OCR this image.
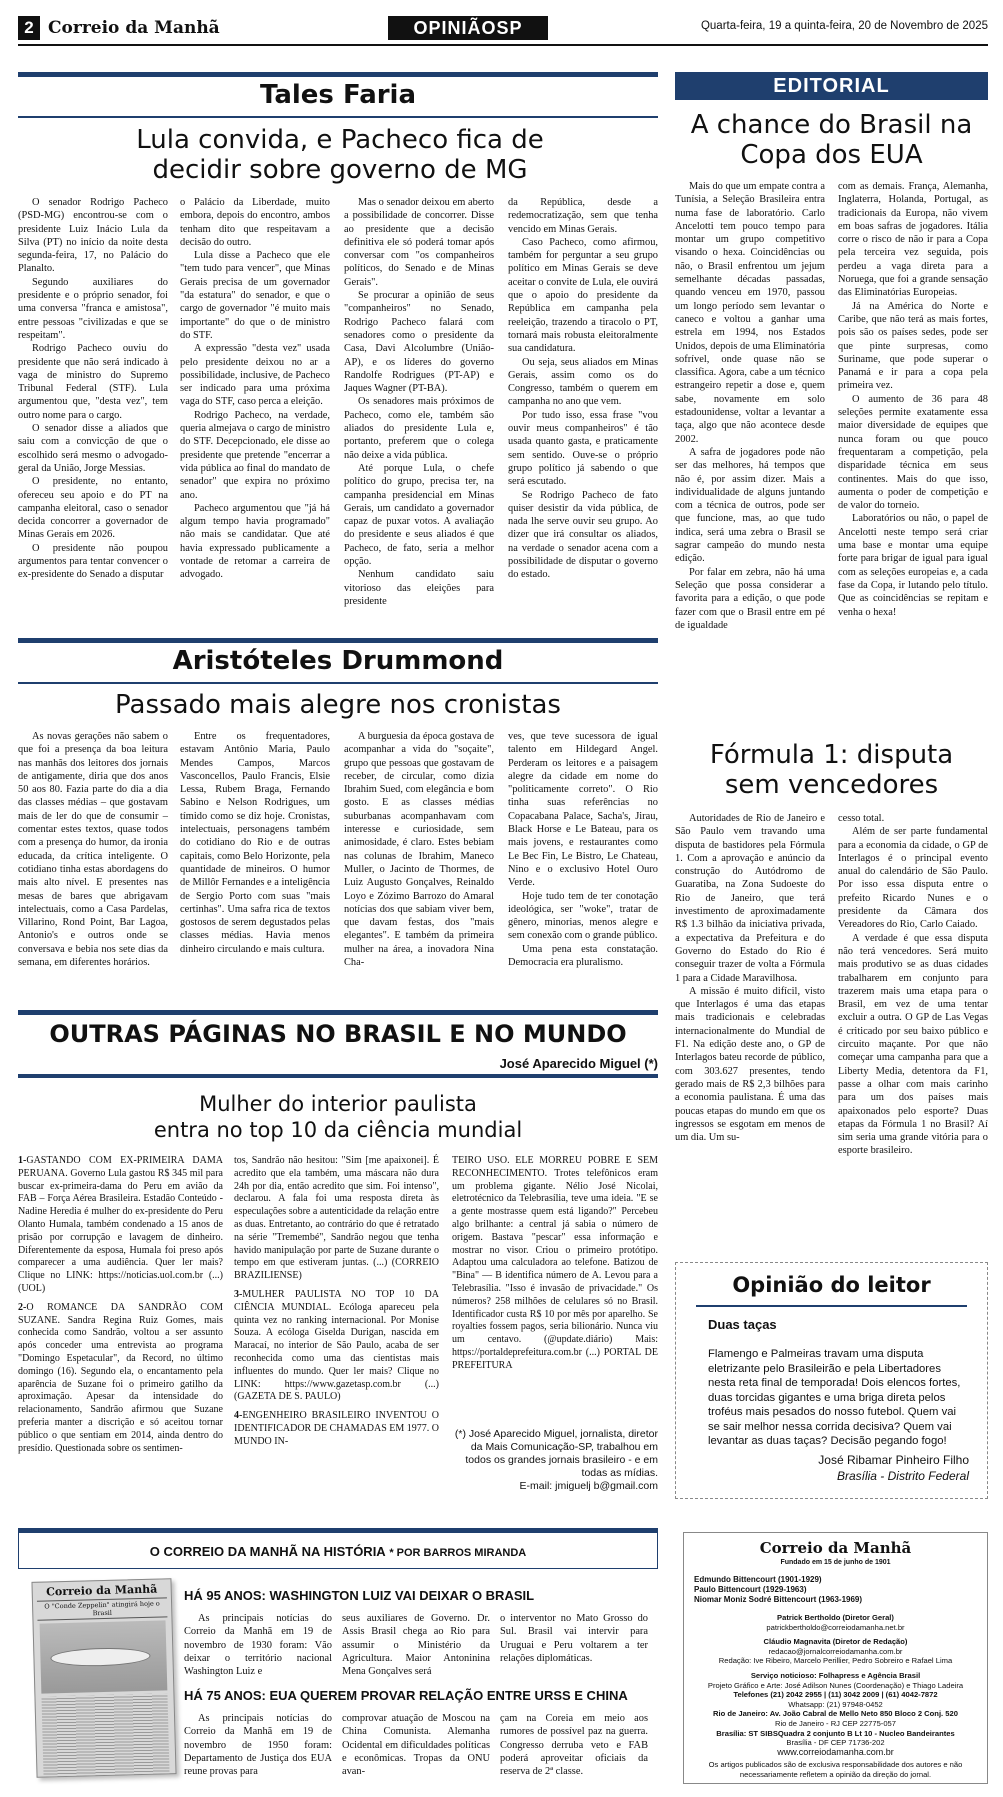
2 Correio da Manhã	OPINIÃOSP	Quarta-feira, 19 a quinta-feira, 20 de Novembro de 2025
Tales Faria
Lula convida, e Pacheco fica de decidir sobre governo de MG

O senador Rodrigo Pacheco (PSD-MG) encontrou-se com o presidente Luiz Inácio Lula da Silva (PT) no início da noite desta segunda-feira, 17, no Palácio do Planalto.

Segundo auxiliares do presidente e o próprio senador, foi uma conversa "franca e amistosa", entre pessoas "civilizadas e que se respeitam".

Rodrigo Pacheco ouviu do presidente que não será indicado à vaga de ministro do Supremo Tribunal Federal (STF). Lula argumentou que, "desta vez", tem outro nome para o cargo.

O senador disse a aliados que saiu com a convicção de que o escolhido será mesmo o advogado-geral da União, Jorge Messias.

O presidente, no entanto, ofereceu seu apoio e do PT na campanha eleitoral, caso o senador decida concorrer a governador de Minas Gerais em 2026.

O presidente não poupou argumentos para tentar convencer o ex-presidente do Senado a disputar

o Palácio da Liberdade, muito embora, depois do encontro, ambos tenham dito que respeitavam a decisão do outro.

Lula disse a Pacheco que ele "tem tudo para vencer", que Minas Gerais precisa de um governador "da estatura" do senador, e que o cargo de governador "é muito mais importante" do que o de ministro do STF.

A expressão "desta vez" usada pelo presidente deixou no ar a possibilidade, inclusive, de Pacheco ser indicado para uma próxima vaga do STF, caso perca a eleição.

Rodrigo Pacheco, na verdade, queria almejava o cargo de ministro do STF. Decepcionado, ele disse ao presidente que pretende "encerrar a vida pública ao final do mandato de senador" que expira no próximo ano.

Pacheco argumentou que "já há algum tempo havia programado" não mais se candidatar. Que até havia expressado publicamente a vontade de retomar a carreira de advogado.

Mas o senador deixou em aberto a possibilidade de concorrer. Disse ao presidente que a decisão definitiva ele só poderá tomar após conversar com "os companheiros políticos, do Senado e de Minas Gerais".

Se procurar a opinião de seus "companheiros" no Senado, Rodrigo Pacheco falará com senadores como o presidente da Casa, Davi Alcolumbre (União-AP), e os líderes do governo Randolfe Rodrigues (PT-AP) e Jaques Wagner (PT-BA).

Os senadores mais próximos de Pacheco, como ele, também são aliados do presidente Lula e, portanto, preferem que o colega não deixe a vida pública.

Até porque Lula, o chefe político do grupo, precisa ter, na campanha presidencial em Minas Gerais, um candidato a governador capaz de puxar votos. A avaliação do presidente e seus aliados é que Pacheco, de fato, seria a melhor opção.

Nenhum candidato saiu vitorioso das eleições para presidente

da República, desde a redemocratização, sem que tenha vencido em Minas Gerais.

Caso Pacheco, como afirmou, também for perguntar a seu grupo político em Minas Gerais se deve aceitar o convite de Lula, ele ouvirá que o apoio do presidente da República em campanha pela reeleição, trazendo a tiracolo o PT, tornará mais robusta eleitoralmente sua candidatura.

Ou seja, seus aliados em Minas Gerais, assim como os do Congresso, também o querem em campanha no ano que vem.

Por tudo isso, essa frase "vou ouvir meus companheiros" é tão usada quanto gasta, e praticamente sem sentido. Ouve-se o próprio grupo político já sabendo o que será escutado.

Se Rodrigo Pacheco de fato quiser desistir da vida pública, de nada lhe serve ouvir seu grupo. Ao dizer que irá consultar os aliados, na verdade o senador acena com a possibilidade de disputar o governo do estado.

Aristóteles Drummond
Passado mais alegre nos cronistas

As novas gerações não sabem o que foi a presença da boa leitura nas manhãs dos leitores dos jornais de antigamente, diria que dos anos 50 aos 80. Fazia parte do dia a dia das classes médias – que gostavam mais de ler do que de consumir – comentar estes textos, quase todos com a presença do humor, da ironia educada, da crítica inteligente. O cotidiano tinha estas abordagens do mais alto nível. E presentes nas mesas de bares que abrigavam intelectuais, como a Casa Pardelas, Villarino, Rond Point, Bar Lagoa, Antonio's e outros onde se conversava e bebia nos sete dias da semana, em diferentes horários.

Entre os frequentadores, estavam Antônio Maria, Paulo Mendes Campos, Marcos Vasconcellos, Paulo Francis, Elsie Lessa, Rubem Braga, Fernando Sabino e Nelson Rodrigues, um tímido como se diz hoje. Cronistas, intelectuais, personagens também do cotidiano do Rio e de outras capitais, como Belo Horizonte, pela quantidade de mineiros. O humor de Millôr Fernandes e a inteligência de Sergio Porto com suas "mais certinhas". Uma safra rica de textos gostosos de serem degustados pelas classes médias. Havia menos dinheiro circulando e mais cultura.

A burguesia da época gostava de acompanhar a vida do "soçaite", grupo que pessoas que gostavam de receber, de circular, como dizia Ibrahim Sued, com elegância e bom gosto. E as classes médias suburbanas acompanhavam com interesse e curiosidade, sem animosidade, é claro. Estes bebiam nas colunas de Ibrahim, Maneco Muller, o Jacinto de Thormes, de Luiz Augusto Gonçalves, Reinaldo Loyo e Zózimo Barrozo do Amaral notícias dos que sabiam viver bem, que davam festas, dos "mais elegantes". E também da primeira mulher na área, a inovadora Nina Cha-

ves, que teve sucessora de igual talento em Hildegard Angel. Perderam os leitores e a paisagem alegre da cidade em nome do "politicamente correto". O Rio tinha suas referências no Copacabana Palace, Sacha's, Jirau, Black Horse e Le Bateau, para os mais jovens, e restaurantes como Le Bec Fin, Le Bistro, Le Chateau, Nino e o exclusivo Hotel Ouro Verde.

Hoje tudo tem de ter conotação ideológica, ser "woke", tratar de gênero, minorias, menos alegre e sem conexão com o grande público.

Uma pena esta constatação. Democracia era pluralismo.

OUTRAS PÁGINAS NO BRASIL E NO MUNDO
José Aparecido Miguel (*)
Mulher do interior paulista
entra no top 10 da ciência mundial

1-GASTANDO COM EX-PRIMEIRA DAMA PERUANA. Governo Lula gastou R$ 345 mil para buscar ex-primeira-dama do Peru em avião da FAB – Força Aérea Brasileira. Estadão Conteúdo - Nadine Heredia é mulher do ex-presidente do Peru Olanto Humala, também condenado a 15 anos de prisão por corrupção e lavagem de dinheiro. Diferentemente da esposa, Humala foi preso após comparecer a uma audiência. Quer ler mais? Clique no LINK: https://noticias.uol.com.br (...) (UOL)

2-O ROMANCE DA SANDRÃO COM SUZANE. Sandra Regina Ruiz Gomes, mais conhecida como Sandrão, voltou a ser assunto após conceder uma entrevista ao programa "Domingo Espetacular", da Record, no último domingo (16). Segundo ela, o encantamento pela aparência de Suzane foi o primeiro gatilho da aproximação. Apesar da intensidade do relacionamento, Sandrão afirmou que Suzane preferia manter a discrição e só aceitou tornar público o que sentiam em 2014, ainda dentro do presídio. Questionada sobre os sentimen-

tos, Sandrão não hesitou: "Sim [me apaixonei]. É acredito que ela também, uma máscara não dura 24h por dia, então acredito que sim. Foi intenso", declarou. A fala foi uma resposta direta às especulações sobre a autenticidade da relação entre as duas. Entretanto, ao contrário do que é retratado na série "Tremembé", Sandrão negou que tenha havido manipulação por parte de Suzane durante o tempo em que estiveram juntas. (...) (CORREIO BRAZILIENSE)

3-MULHER PAULISTA NO TOP 10 DA CIÊNCIA MUNDIAL. Ecóloga apareceu pela quinta vez no ranking internacional. Por Monise Souza. A ecóloga Giselda Durigan, nascida em Maracaí, no interior de São Paulo, acaba de ser reconhecida como uma das cientistas mais influentes do mundo. Quer ler mais? Clique no LINK: https://www.gazetasp.com.br (...) (GAZETA DE S. PAULO)

4-ENGENHEIRO BRASILEIRO INVENTOU O IDENTIFICADOR DE CHAMADAS EM 1977. O MUNDO IN-

TEIRO USO. ELE MORREU POBRE E SEM RECONHECIMENTO. Trotes telefônicos eram um problema gigante. Nélio José Nicolai, eletrotécnico da Telebrasília, teve uma ideia. "E se a gente mostrasse quem está ligando?" Percebeu algo brilhante: a central já sabia o número de origem. Bastava "pescar" essa informação e mostrar no visor. Criou o primeiro protótipo. Adaptou uma calculadora ao telefone. Batizou de "Bina" — B identifica número de A. Levou para a Telebrasília. "Isso é invasão de privacidade." Os números? 258 milhões de celulares só no Brasil. Identificador custa R$ 10 por mês por aparelho. Se royalties fossem pagos, seria bilionário. Nunca viu um centavo. (@update.diário) Mais: https://portaldeprefeitura.com.br (...) PORTAL DE PREFEITURA

(*) José Aparecido Miguel, jornalista, diretor da Mais Comunicação-SP, trabalhou em todos os grandes jornais brasileiro - e em todas as mídias.
E-mail: jmiguelj b@gmail.com
O CORREIO DA MANHÃ NA HISTÓRIA * POR BARROS MIRANDA
Correio da Manhã
O "Conde Zeppelin" atingirá hoje o Brasil
HÁ 95 ANOS: WASHINGTON LUIZ VAI DEIXAR O BRASIL
As principais notícias do Correio da Manhã em 19 de novembro de 1930 foram: Vão deixar o território nacional Washington Luiz e
seus auxiliares de Governo. Dr. Assis Brasil chega ao Rio para assumir o Ministério da Agricultura. Maior Antoninina Mena Gonçalves será
o interventor no Mato Grosso do Sul. Brasil vai intervir para Uruguai e Peru voltarem a ter relações diplomáticas.
HÁ 75 ANOS: EUA QUEREM PROVAR RELAÇÃO ENTRE URSS E CHINA
As principais notícias do Correio da Manhã em 19 de novembro de 1950 foram: Departamento de Justiça dos EUA reune provas para
comprovar atuação de Moscou na China Comunista. Alemanha Ocidental em dificuldades políticas e econômicas. Tropas da ONU avan-
çam na Coreia em meio aos rumores de possível paz na guerra. Congresso derruba veto e FAB poderá aproveitar oficiais da reserva de 2ª classe.
EDITORIAL
A chance do Brasil na Copa dos EUA

Mais do que um empate contra a Tunísia, a Seleção Brasileira entra numa fase de laboratório. Carlo Ancelotti tem pouco tempo para montar um grupo competitivo visando o hexa. Coincidências ou não, o Brasil enfrentou um jejum semelhante décadas passadas, quando venceu em 1970, passou um longo período sem levantar o caneco e voltou a ganhar uma estrela em 1994, nos Estados Unidos, depois de uma Eliminatória sofrível, onde quase não se classifica. Agora, cabe a um técnico estrangeiro repetir a dose e, quem sabe, novamente em solo estadounidense, voltar a levantar a taça, algo que não acontece desde 2002.

A safra de jogadores pode não ser das melhores, há tempos que não é, por assim dizer. Mais a individualidade de alguns juntando com a técnica de outros, pode ser que funcione, mas, ao que tudo indica, será uma zebra o Brasil se sagrar campeão do mundo nesta edição.

Por falar em zebra, não há uma Seleção que possa considerar a favorita para a edição, o que pode fazer com que o Brasil entre em pé de igualdade

com as demais. França, Alemanha, Inglaterra, Holanda, Portugal, as tradicionais da Europa, não vivem em boas safras de jogadores. Itália corre o risco de não ir para a Copa pela terceira vez seguida, pois perdeu a vaga direta para a Noruega, que foi a grande sensação das Eliminatórias Europeias.

Já na América do Norte e Caribe, que não terá as mais fortes, pois são os países sedes, pode ser que pinte surpresas, como Suriname, que pode superar o Panamá e ir para a copa pela primeira vez.

O aumento de 36 para 48 seleções permite exatamente essa maior diversidade de equipes que nunca foram ou que pouco frequentaram a competição, pela disparidade técnica em seus continentes. Mais do que isso, aumenta o poder de competição e de valor do torneio.

Laboratórios ou não, o papel de Ancelotti neste tempo será criar uma base e montar uma equipe forte para brigar de igual para igual com as seleções europeias e, a cada fase da Copa, ir lutando pelo título. Que as coincidências se repitam e venha o hexa!

Fórmula 1: disputa sem vencedores

Autoridades de Rio de Janeiro e São Paulo vem travando uma disputa de bastidores pela Fórmula 1. Com a aprovação e anúncio da construção do Autódromo de Guaratiba, na Zona Sudoeste do Rio de Janeiro, que terá investimento de aproximadamente R$ 1.3 bilhão da iniciativa privada, a expectativa da Prefeitura e do Governo do Estado do Rio é conseguir trazer de volta a Fórmula 1 para a Cidade Maravilhosa.

A missão é muito difícil, visto que Interlagos é uma das etapas mais tradicionais e celebradas internacionalmente do Mundial de F1. Na edição deste ano, o GP de Interlagos bateu recorde de público, com 303.627 presentes, tendo gerado mais de R$ 2,3 bilhões para a economia paulistana. É uma das poucas etapas do mundo em que os ingressos se esgotam em menos de um dia. Um su-

cesso total.

Além de ser parte fundamental para a economia da cidade, o GP de Interlagos é o principal evento anual do calendário de São Paulo. Por isso essa disputa entre o prefeito Ricardo Nunes e o presidente da Câmara dos Vereadores do Rio, Carlo Caiado.

A verdade é que essa disputa não terá vencedores. Será muito mais produtivo se as duas cidades trabalharem em conjunto para trazerem mais uma etapa para o Brasil, em vez de uma tentar excluir a outra. O GP de Las Vegas é criticado por seu baixo público e circuito maçante. Por que não começar uma campanha para que a Liberty Media, detentora da F1, passe a olhar com mais carinho para um dos países mais apaixonados pelo esporte? Duas etapas da Fórmula 1 no Brasil? Aí sim seria uma grande vitória para o esporte brasileiro.

Opinião do leitor
Duas taças
Flamengo e Palmeiras travam uma disputa eletrizante pelo Brasileirão e pela Libertadores nesta reta final de temporada! Dois elencos fortes, duas torcidas gigantes e uma briga direta pelos troféus mais pesados do nosso futebol. Quem vai se sair melhor nessa corrida decisiva? Quem vai levantar as duas taças? Decisão pegando fogo!
José Ribamar Pinheiro Filho
Brasília - Distrito Federal
Correio da Manhã
Fundado em 15 de junho de 1901
Edmundo Bittencourt (1901-1929)
Paulo Bittencourt (1929-1963)
Niomar Moniz Sodré Bittencourt (1963-1969)
Patrick Bertholdo (Diretor Geral)
patrickbertholdo@correiodamanha.net.br
Cláudio Magnavita (Diretor de Redação)
redacao@jornalcorreiodamanha.com.br
Redação: Ive Ribeiro, Marcelo Perillier, Pedro Sobreiro e Rafael Lima
Serviço noticioso: Folhapress e Agência Brasil
Projeto Gráfico e Arte: José Adilson Nunes (Coordenação) e Thiago Ladeira
Telefones (21) 2042 2955 | (11) 3042 2009 | (61) 4042-7872
Whatsapp: (21) 97948-0452
Rio de Janeiro: Av. João Cabral de Mello Neto 850 Bloco 2 Conj. 520
Rio de Janeiro - RJ CEP 22775-057
Brasília: ST SIBSQuadra 2 conjunto B Lt 10 - Nucleo Bandeirantes
Brasília - DF CEP 71736-202
www.correiodamanha.com.br
Os artigos publicados são de exclusiva responsabilidade dos autores e não necessariamente refletem a opinião da direção do jornal.
